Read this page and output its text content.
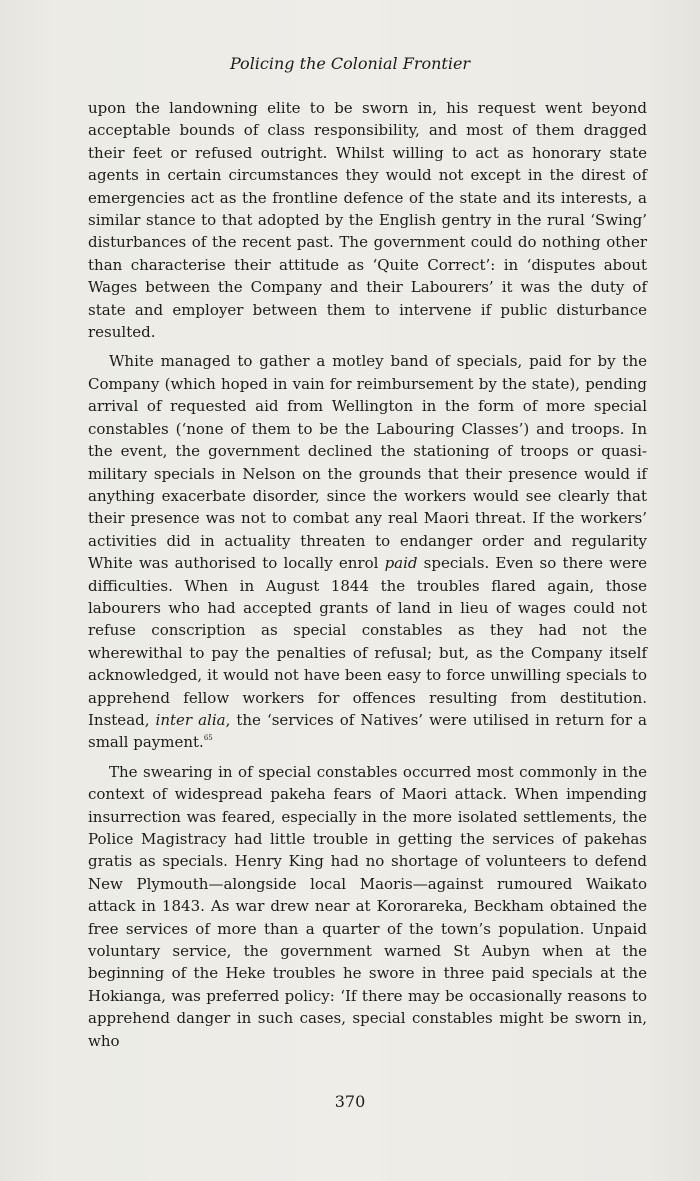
Policing the Colonial Frontier

upon the landowning elite to be sworn in, his request went beyond acceptable bounds of class responsibility, and most of them dragged their feet or refused outright. Whilst willing to act as honorary state agents in certain circumstances they would not except in the direst of emergencies act as the frontline defence of the state and its interests, a similar stance to that adopted by the English gentry in the rural ‘Swing’ disturbances of the recent past. The government could do nothing other than characterise their attitude as ‘Quite Correct’: in ‘disputes about Wages between the Company and their Labourers’ it was the duty of state and employer between them to intervene if public disturbance resulted.

White managed to gather a motley band of specials, paid for by the Company (which hoped in vain for reimbursement by the state), pending arrival of requested aid from Wellington in the form of more special constables (‘none of them to be the Labouring Classes’) and troops. In the event, the government declined the stationing of troops or quasi-military specials in Nelson on the grounds that their presence would if anything exacerbate disorder, since the workers would see clearly that their presence was not to combat any real Maori threat. If the workers’ activities did in actuality threaten to endanger order and regularity White was authorised to locally enrol paid specials. Even so there were difficulties. When in August 1844 the troubles flared again, those labourers who had accepted grants of land in lieu of wages could not refuse conscription as special constables as they had not the wherewithal to pay the penalties of refusal; but, as the Company itself acknowledged, it would not have been easy to force unwilling specials to apprehend fellow workers for offences resulting from destitution. Instead, inter alia, the ‘services of Natives’ were utilised in return for a small payment.$^{65}$

The swearing in of special constables occurred most commonly in the context of widespread pakeha fears of Maori attack. When impending insurrection was feared, especially in the more isolated settlements, the Police Magistracy had little trouble in getting the services of pakehas gratis as specials. Henry King had no shortage of volunteers to defend New Plymouth—alongside local Maoris—against rumoured Waikato attack in 1843. As war drew near at Kororareka, Beckham obtained the free services of more than a quarter of the town’s population. Unpaid voluntary service, the government warned St Aubyn when at the beginning of the Heke troubles he swore in three paid specials at the Hokianga, was preferred policy: ‘If there may be occasionally reasons to apprehend danger in such cases, special constables might be sworn in, who

370
